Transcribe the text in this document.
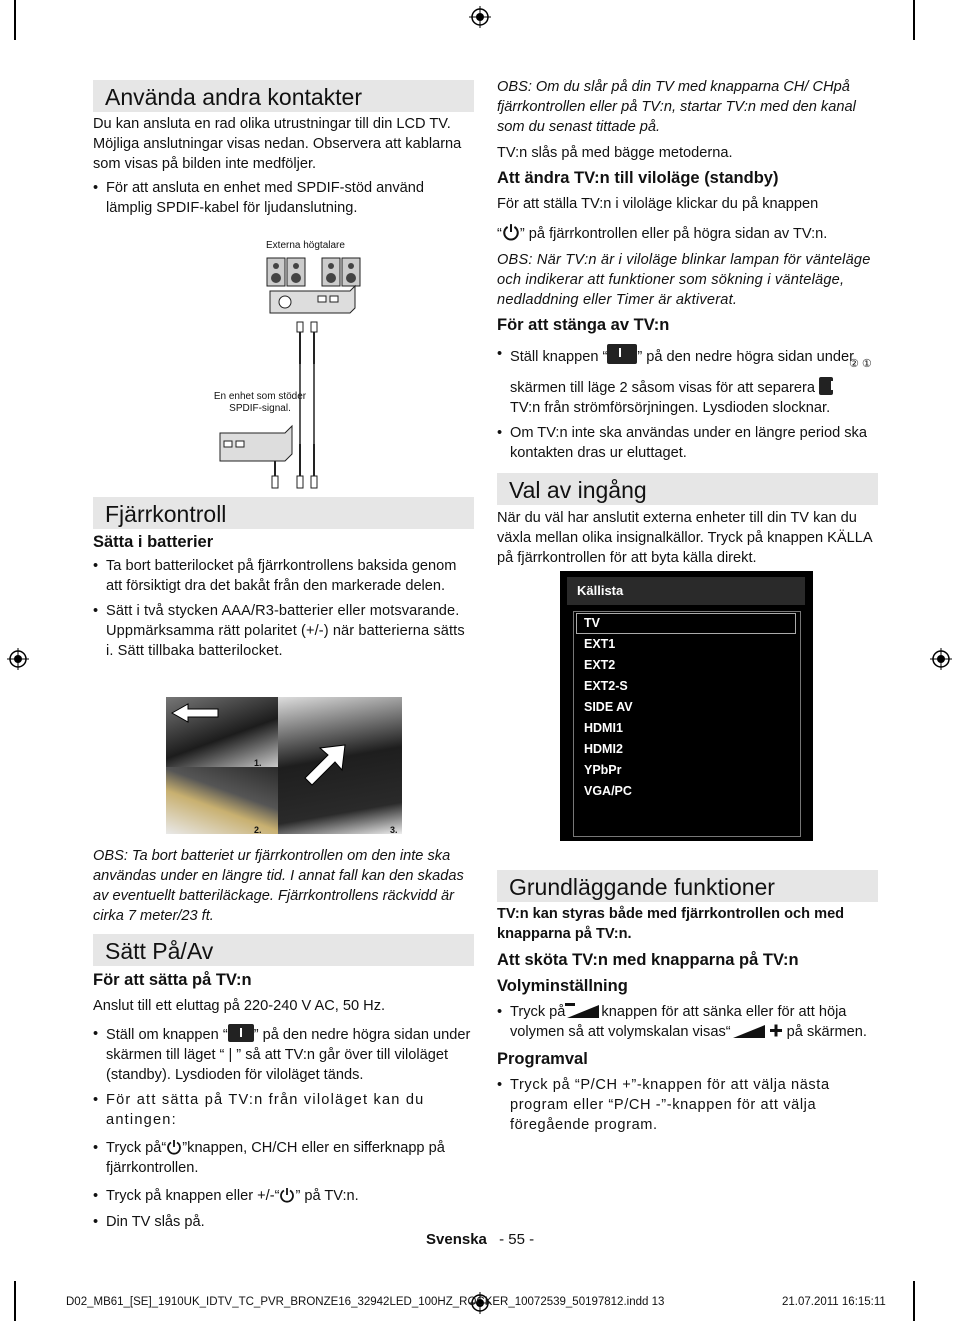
Använda andra kontakter

Du kan ansluta en rad olika utrustningar till din LCD TV. Möjliga anslutningar visas nedan. Observera att kablarna som visas på bilden inte medföljer.

• För att ansluta en enhet med SPDIF-stöd använd lämplig SPDIF-kabel för ljudanslutning.
Externa högtalare
En enhet som stöder
SPDIF-signal.
Fjärrkontroll
Sätta i batterier
• Ta bort batterilocket på fjärrkontrollens baksida genom att försiktigt dra det bakåt från den markerade delen.
• Sätt i två stycken AAA/R3-batterier eller motsvarande. Uppmärksamma rätt polaritet (+/-) när batterierna sätts i. Sätt tillbaka batterilocket.
1.
2.	3.

OBS: Ta bort batteriet ur fjärrkontrollen om den inte ska användas under en längre tid. I annat fall kan den skadas av eventuellt batteriläckage. Fjärrkontrollens räckvidd är cirka 7 meter/23 ft.

Sätt På/Av
För att sätta på TV:n

Anslut till ett eluttag på 220-240 V AC, 50 Hz.

• Ställ om knappen “ ” på den nedre högra sidan under skärmen till läget “ | ” så att TV:n går över till viloläget (standby). Lysdioden för viloläget tänds.
• För att sätta på TV:n från viloläget kan du antingen:
• Tryck på“ ”knappen, CH/CH eller en sifferknapp på fjärrkontrollen.
• Tryck på knappen eller +/-“ ” på TV:n.
• Din TV slås på.

OBS: Om du slår på din TV med knapparna CH/ CHpå fjärrkontrollen eller på TV:n, startar TV:n med den kanal som du senast tittade på.

TV:n slås på med bägge metoderna.

Att ändra TV:n till viloläge (standby)

För att ställa TV:n i viloläge klickar du på knappen

“ ” på fjärrkontrollen eller på högra sidan av TV:n.

OBS: När TV:n är i viloläge blinkar lampan för vänteläge och indikerar att funktioner som sökning i vänteläge, nedladdning eller Timer är aktiverat.

För att stänga av TV:n
• Ställ knappen “ ” på den nedre högra sidan under
② ①
skärmen till läge 2 såsom visas för att separera
TV:n från strömförsörjningen. Lysdioden slocknar.
• Om TV:n inte ska användas under en längre period ska kontakten dras ur eluttaget.
Val av ingång

När du väl har anslutit externa enheter till din TV kan du växla mellan olika insignalkällor. Tryck på knappen KÄLLA på fjärrkontrollen för att byta källa direkt.

Källista
TV
EXT1
EXT2
EXT2-S
SIDE AV
HDMI1
HDMI2
YPbPr
VGA/PC
Grundläggande funktioner

TV:n kan styras både med fjärrkontrollen och med knapparna på TV:n.

Att sköta TV:n med knapparna på TV:n
Volyminställning
• Tryck på knappen för att sänka eller för att höja volymen så att volymskalan visas“	på skärmen.
Programval
• Tryck på “P/CH +”-knappen för att välja nästa program eller “P/CH -”-knappen för att välja föregående program.
Svenska - 55 -
D02_MB61_[SE]_1910UK_IDTV_TC_PVR_BRONZE16_32942LED_100HZ_ROCKER_10072539_50197812.indd 13	21.07.2011 16:15:11
